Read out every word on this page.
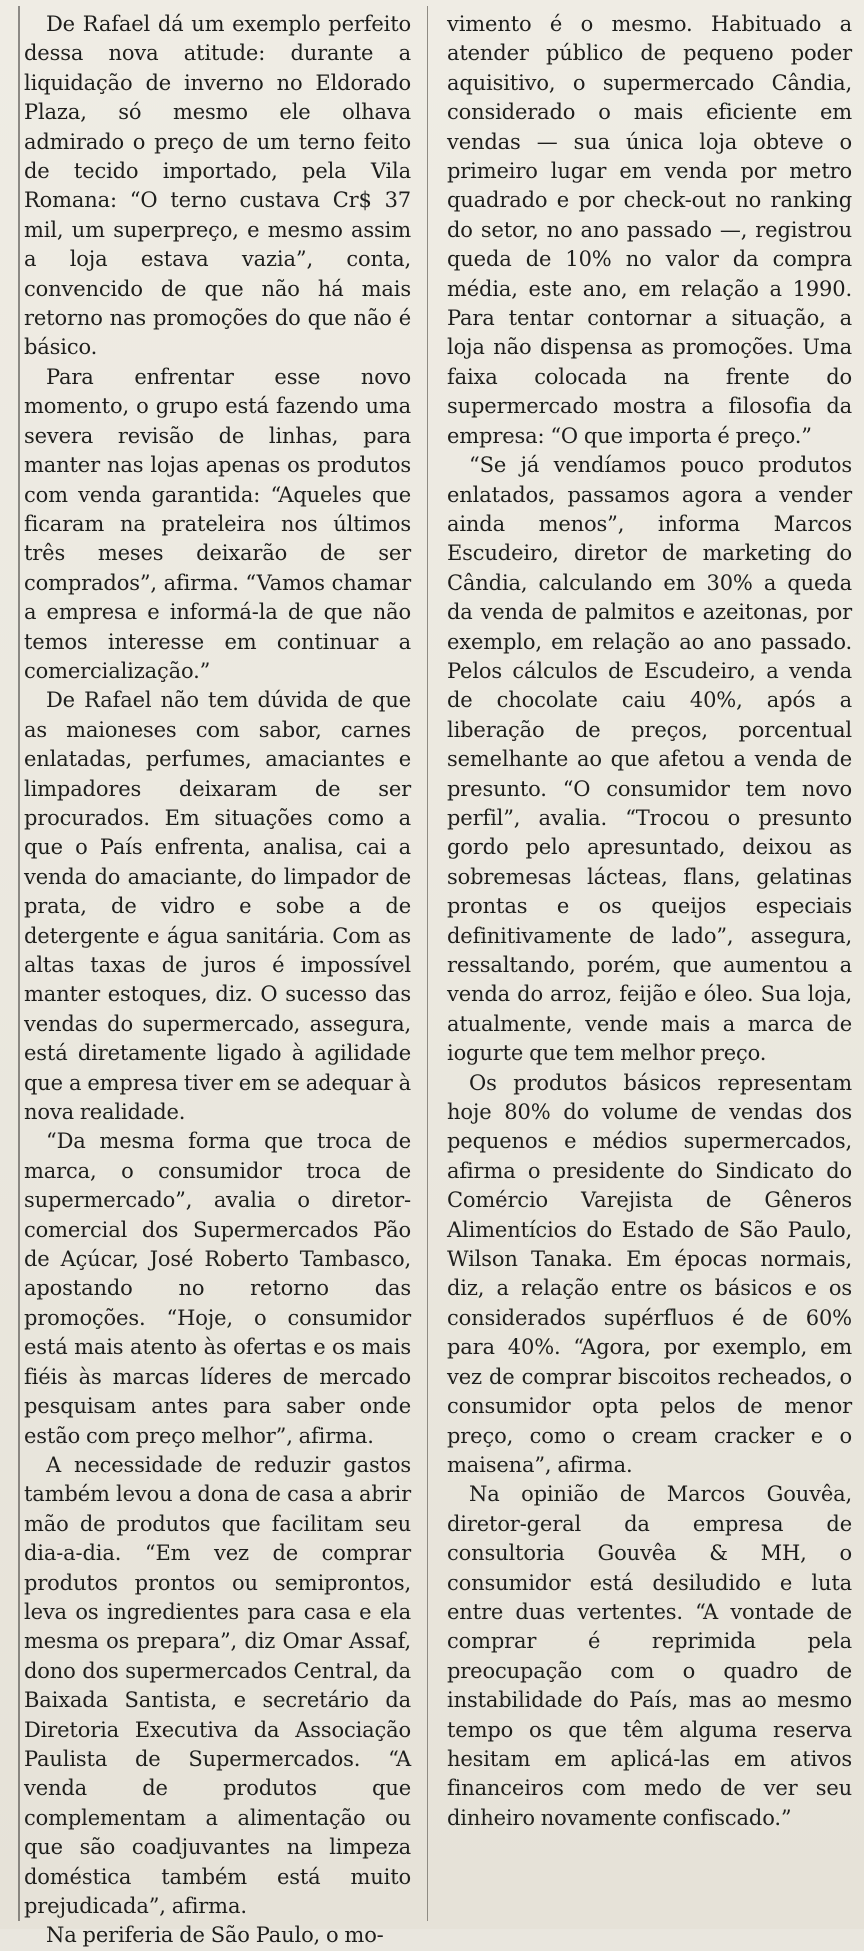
De Rafael dá um exemplo perfeito dessa nova atitude: durante a liquidação de inverno no Eldorado Plaza, só mesmo ele olhava admirado o preço de um terno feito de tecido importado, pela Vila Romana: “O terno custava Cr$ 37 mil, um superpreço, e mesmo assim a loja estava vazia”, conta, convencido de que não há mais retorno nas promoções do que não é básico.

Para enfrentar esse novo momento, o grupo está fazendo uma severa revisão de linhas, para manter nas lojas apenas os produtos com venda garantida: “Aqueles que ficaram na prateleira nos últimos três meses deixarão de ser comprados”, afirma. “Vamos chamar a empresa e informá-la de que não temos interesse em continuar a comercialização.”

De Rafael não tem dúvida de que as maioneses com sabor, carnes enlatadas, perfumes, amaciantes e limpadores deixaram de ser procurados. Em situações como a que o País enfrenta, analisa, cai a venda do amaciante, do limpador de prata, de vidro e sobe a de detergente e água sanitária. Com as altas taxas de juros é impossível manter estoques, diz. O sucesso das vendas do supermercado, assegura, está diretamente ligado à agilidade que a empresa tiver em se adequar à nova realidade.

“Da mesma forma que troca de marca, o consumidor troca de supermercado”, avalia o diretor-comercial dos Supermercados Pão de Açúcar, José Roberto Tambasco, apostando no retorno das promoções. “Hoje, o consumidor está mais atento às ofertas e os mais fiéis às marcas líderes de mercado pesquisam antes para saber onde estão com preço melhor”, afirma.

A necessidade de reduzir gastos também levou a dona de casa a abrir mão de produtos que facilitam seu dia-a-dia. “Em vez de comprar produtos prontos ou semiprontos, leva os ingredientes para casa e ela mesma os prepara”, diz Omar Assaf, dono dos supermercados Central, da Baixada Santista, e secretário da Diretoria Executiva da Associação Paulista de Supermercados. “A venda de produtos que complementam a alimentação ou que são coadjuvantes na limpeza doméstica também está muito prejudicada”, afirma.

Na periferia de São Paulo, o mo-

vimento é o mesmo. Habituado a atender público de pequeno poder aquisitivo, o supermercado Cândia, considerado o mais eficiente em vendas — sua única loja obteve o primeiro lugar em venda por metro quadrado e por check-out no ranking do setor, no ano passado —, registrou queda de 10% no valor da compra média, este ano, em relação a 1990. Para tentar contornar a situação, a loja não dispensa as promoções. Uma faixa colocada na frente do supermercado mostra a filosofia da empresa: “O que importa é preço.”

“Se já vendíamos pouco produtos enlatados, passamos agora a vender ainda menos”, informa Marcos Escudeiro, diretor de marketing do Cândia, calculando em 30% a queda da venda de palmitos e azeitonas, por exemplo, em relação ao ano passado. Pelos cálculos de Escudeiro, a venda de chocolate caiu 40%, após a liberação de preços, porcentual semelhante ao que afetou a venda de presunto. “O consumidor tem novo perfil”, avalia. “Trocou o presunto gordo pelo apresuntado, deixou as sobremesas lácteas, flans, gelatinas prontas e os queijos especiais definitivamente de lado”, assegura, ressaltando, porém, que aumentou a venda do arroz, feijão e óleo. Sua loja, atualmente, vende mais a marca de iogurte que tem melhor preço.

Os produtos básicos representam hoje 80% do volume de vendas dos pequenos e médios supermercados, afirma o presidente do Sindicato do Comércio Varejista de Gêneros Alimentícios do Estado de São Paulo, Wilson Tanaka. Em épocas normais, diz, a relação entre os básicos e os considerados supérfluos é de 60% para 40%. “Agora, por exemplo, em vez de comprar biscoitos recheados, o consumidor opta pelos de menor preço, como o cream cracker e o maisena”, afirma.

Na opinião de Marcos Gouvêa, diretor-geral da empresa de consultoria Gouvêa & MH, o consumidor está desiludido e luta entre duas vertentes. “A vontade de comprar é reprimida pela preocupação com o quadro de instabilidade do País, mas ao mesmo tempo os que têm alguma reserva hesitam em aplicá-las em ativos financeiros com medo de ver seu dinheiro novamente confiscado.”
